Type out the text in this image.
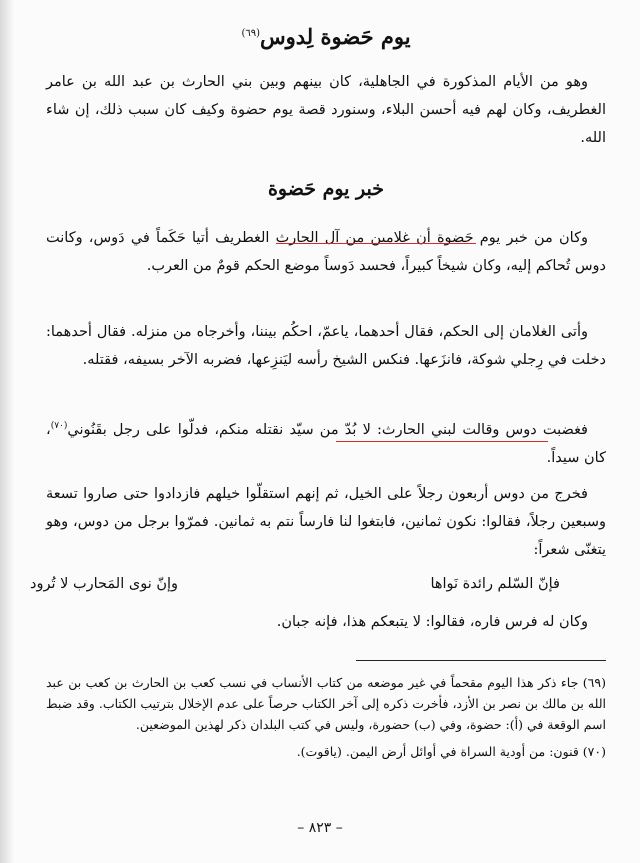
يوم حَضوة لِدوس$^{(٦٩)}$

وهو من الأيام المذكورة في الجاهلية، كان بينهم وبين بني الحارث بن عبد الله بن عامر الغطريف، وكان لهم فيه أحسن البلاء، وسنورد قصة يوم حضوة وكيف كان سبب ذلك، إن شاء الله.

خبر يوم حَضوة

وكان من خبر يوم حَضوة أن غلامين من آل الحارث الغطريف أتيا حَكَماً في دَوس، وكانت دوس تُحاكم إليه، وكان شيخاً كبيراً، فحسد دَوساً موضع الحكم قومٌ من العرب.

وأتى الغلامان إلى الحكم، فقال أحدهما، ياعمّ، احكُم بيننا، وأخرجاه من منزله. فقال أحدهما: دخلت في رِجلي شوكة، فانزَعها. فنكس الشيخ رأسه ليَنزِعها، فضربه الآخر بسيفه، فقتله.

فغضبت دوس وقالت لبني الحارث: لا بُدّ من سيّد نقتله منكم، فدلّوا على رجل بقَنُوني$^{(٧٠)}$، كان سيداً.

فخرج من دوس أربعون رجلاً على الخيل، ثم إنهم استقلّوا خيلهم فازدادوا حتى صاروا تسعة وسبعين رجلاً، فقالوا: نكون ثمانين، فابتغوا لنا فارساً نتم به ثمانين. فمرّوا برجل من دوس، وهو يتغنّى شعراً:

وكان له فرس فاره، فقالوا: لا يتبعكم هذا، فإنه جبان.

فإنّ السّلم رائدة نَواها
وإنّ نوى المَحارب لا تُرود

(٦٩) جاء ذكر هذا اليوم مقحماً في غير موضعه من كتاب الأنساب في نسب كعب بن الحارث بن كعب بن عبد الله بن مالك بن نصر بن الأزد، فأخرت ذكره إلى آخر الكتاب حرصاً على عدم الإخلال بترتيب الكتاب. وقد ضبط اسم الوقعة في (أ): حضوة، وفي (ب) حضورة، وليس في كتب البلدان ذكر لهذين الموضعين.

(٧٠) قنون: من أودية السراة في أوائل أرض اليمن. (ياقوت).

– ٨٢٣ –
